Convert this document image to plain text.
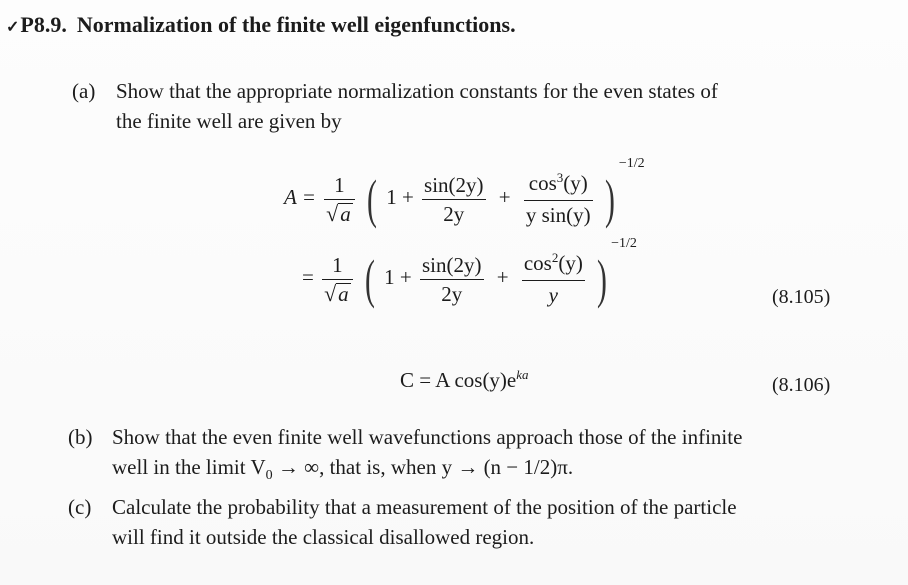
✓P8.9. Normalization of the finite well eigenfunctions.
(a) Show that the appropriate normalization constants for the even states of
the finite well are given by
$A = \frac{1}{√a}$ ( $1 + \frac{\sin(2y)}{2y} + \frac{\cos^3(y)}{\text{y sin(y)}} )^{-1/2}$
= $\frac{1}{√a}$ ( $1 + \frac{\sin(2y)}{2y} + \frac{\cos^2(y)}{y} )^{-1/2}$
(8.105)
C = A $\cos(y)e^{ka}$	(8.106)
(b) Show that the even finite well wavefunctions approach those of the infinite
well in the limit $V_0$ → ∞, that is, when y → (n − 1/2)π.
(c) Calculate the probability that a measurement of the position of the particle
will find it outside the classical disallowed region.
